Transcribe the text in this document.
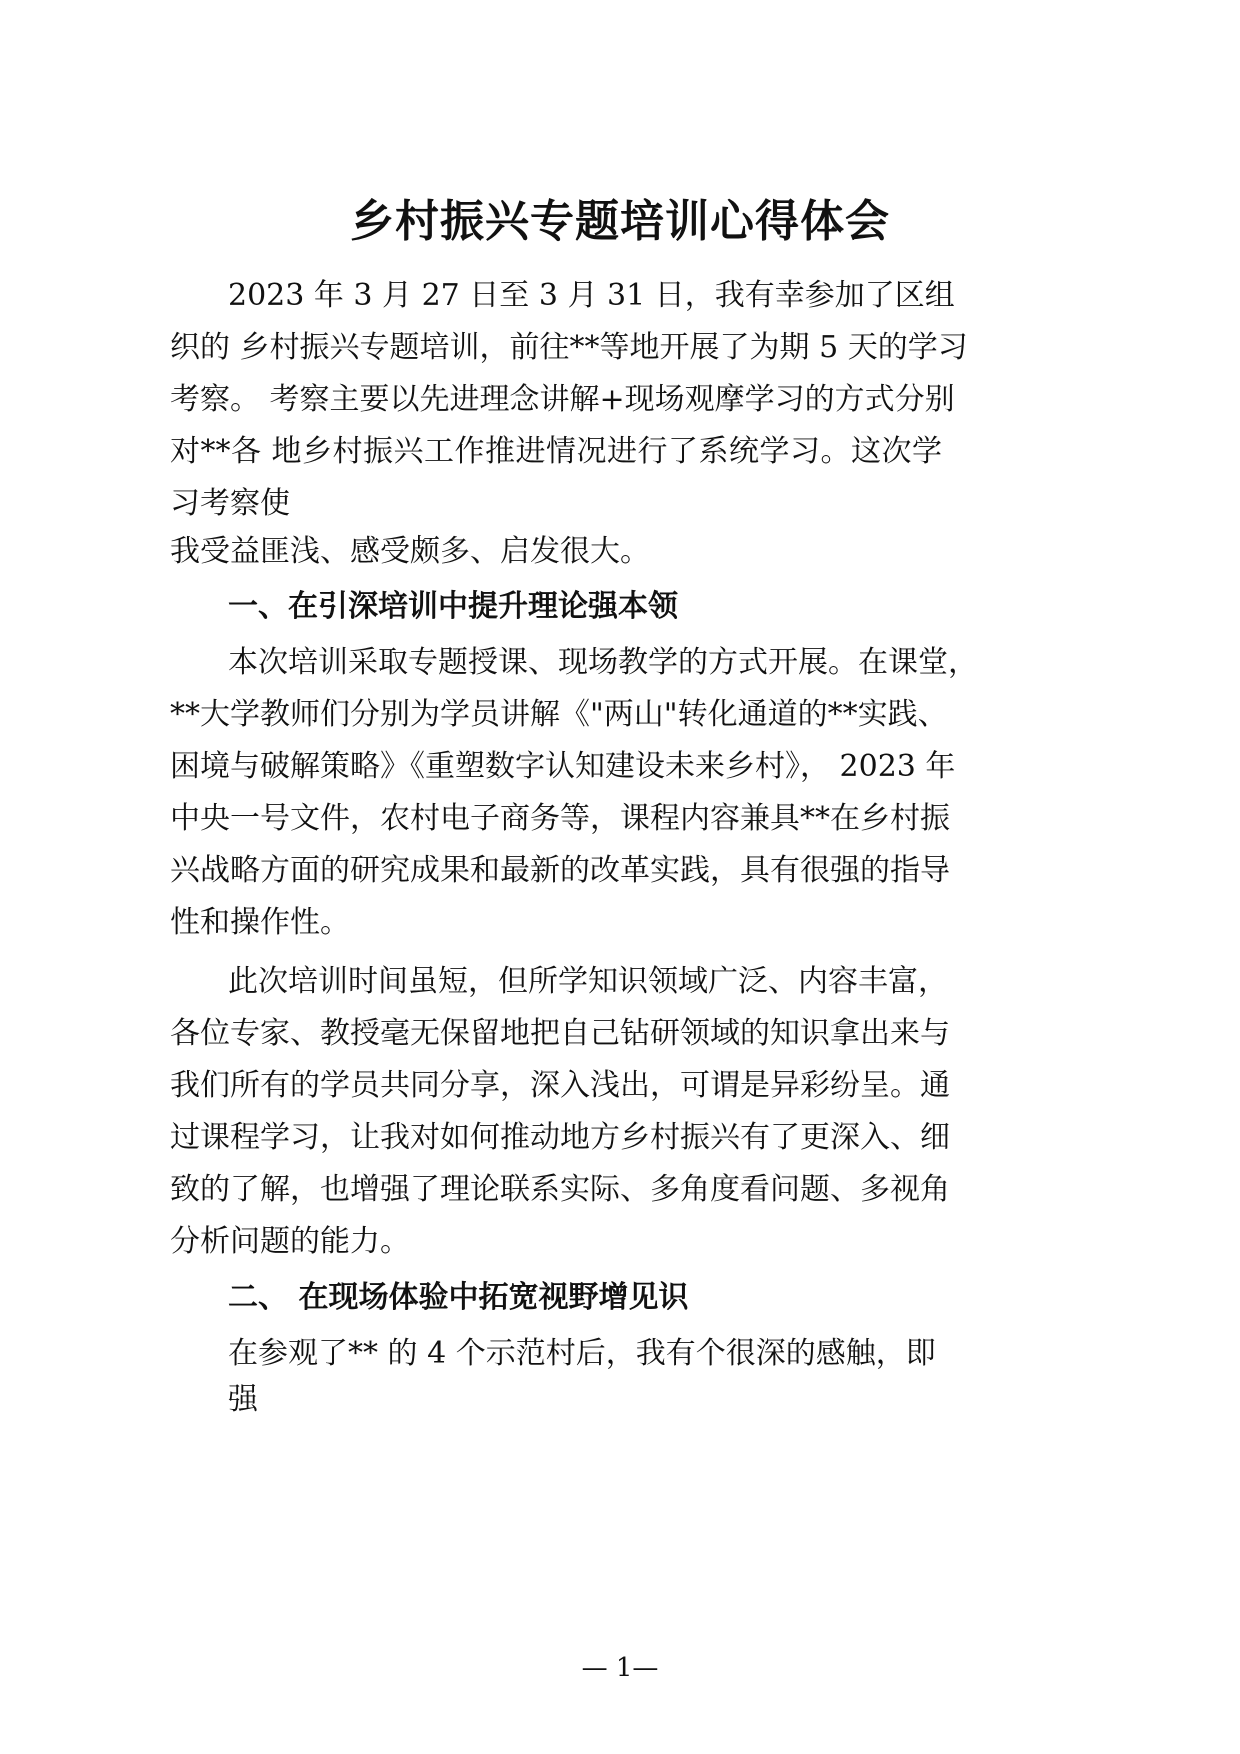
乡村振兴专题培训心得体会
2023 年 3 月 27 日至 3 月 31 日，我有幸参加了区组
织的 乡村振兴专题培训，前往**等地开展了为期 5 天的学习
考察。 考察主要以先进理念讲解+现场观摩学习的方式分别
对**各 地乡村振兴工作推进情况进行了系统学习。这次学
习考察使
我受益匪浅、感受颇多、启发很大。
一、在引深培训中提升理论强本领
本次培训采取专题授课、现场教学的方式开展。在课堂，
**大学教师们分别为学员讲解《"两山"转化通道的**实践、
困境与破解策略》《重塑数字认知建设未来乡村》， 2023 年
中央一号文件，农村电子商务等，课程内容兼具**在乡村振
兴战略方面的研究成果和最新的改革实践，具有很强的指导
性和操作性。
此次培训时间虽短，但所学知识领域广泛、内容丰富，
各位专家、教授毫无保留地把自己钻研领域的知识拿出来与
我们所有的学员共同分享，深入浅出，可谓是异彩纷呈。通
过课程学习，让我对如何推动地方乡村振兴有了更深入、细
致的了解，也增强了理论联系实际、多角度看问题、多视角
分析问题的能力。
二、 在现场体验中拓宽视野增见识
在参观了** 的 4 个示范村后，我有个很深的感触，即
强
— 1—
